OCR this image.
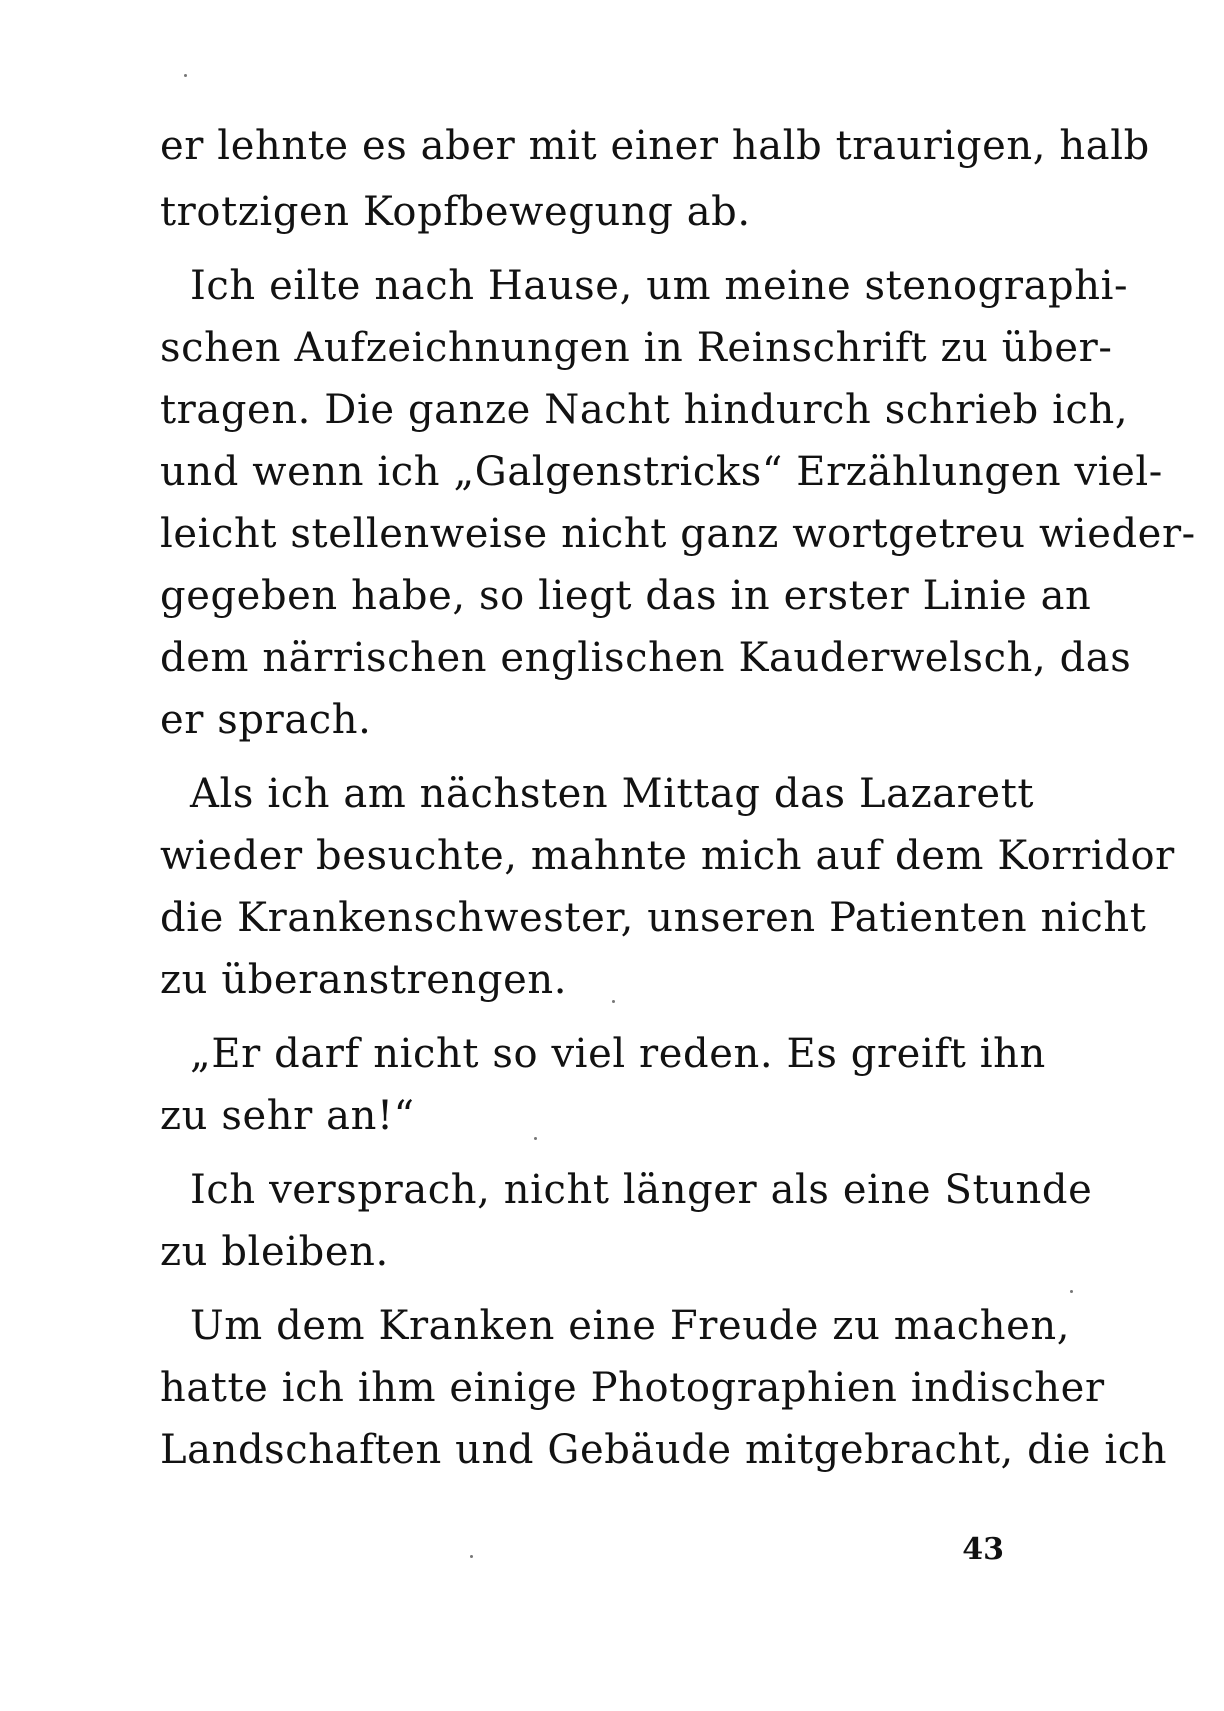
er lehnte es aber mit einer halb traurigen, halb
trotzigen Kopfbewegung ab.
Ich eilte nach Hause, um meine stenographi-
schen Aufzeichnungen in Reinschrift zu über-
tragen. Die ganze Nacht hindurch schrieb ich,
und wenn ich „Galgenstricks“ Erzählungen viel-
leicht stellenweise nicht ganz wortgetreu wieder-
gegeben habe, so liegt das in erster Linie an
dem närrischen englischen Kauderwelsch, das
er sprach.
Als ich am nächsten Mittag das Lazarett
wieder besuchte, mahnte mich auf dem Korridor
die Krankenschwester, unseren Patienten nicht
zu überanstrengen.
„Er darf nicht so viel reden. Es greift ihn
zu sehr an!“
Ich versprach, nicht länger als eine Stunde
zu bleiben.
Um dem Kranken eine Freude zu machen,
hatte ich ihm einige Photographien indischer
Landschaften und Gebäude mitgebracht, die ich
43
